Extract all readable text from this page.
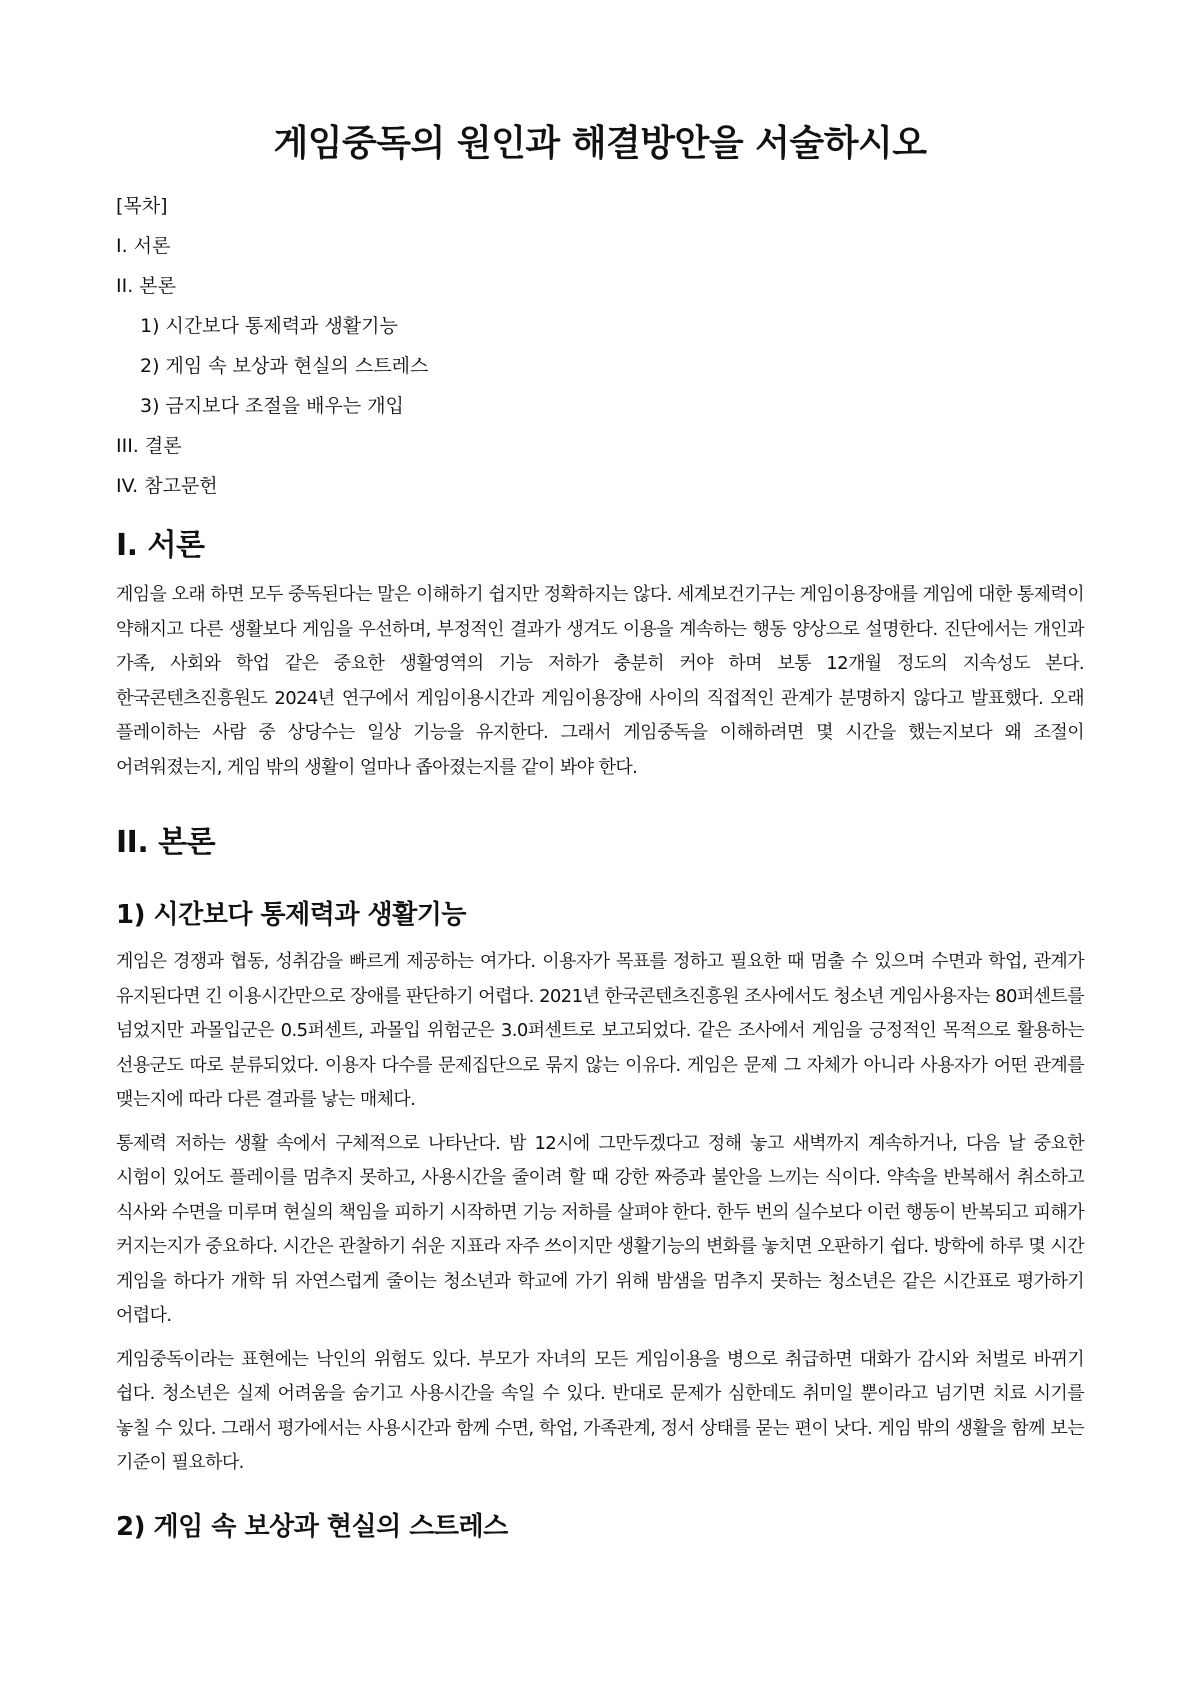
게임중독의 원인과 해결방안을 서술하시오
[목차]
I. 서론
II. 본론
1) 시간보다 통제력과 생활기능
2) 게임 속 보상과 현실의 스트레스
3) 금지보다 조절을 배우는 개입
III. 결론
IV. 참고문헌
I. 서론

게임을 오래 하면 모두 중독된다는 말은 이해하기 쉽지만 정확하지는 않다. 세계보건기구는 게임이용장애를 게임에 대한 통제력이 약해지고 다른 생활보다 게임을 우선하며, 부정적인 결과가 생겨도 이용을 계속하는 행동 양상으로 설명한다. 진단에서는 개인과 가족, 사회와 학업 같은 중요한 생활영역의 기능 저하가 충분히 커야 하며 보통 12개월 정도의 지속성도 본다. 한국콘텐츠진흥원도 2024년 연구에서 게임이용시간과 게임이용장애 사이의 직접적인 관계가 분명하지 않다고 발표했다. 오래 플레이하는 사람 중 상당수는 일상 기능을 유지한다. 그래서 게임중독을 이해하려면 몇 시간을 했는지보다 왜 조절이 어려워졌는지, 게임 밖의 생활이 얼마나 좁아졌는지를 같이 봐야 한다.

II. 본론
1) 시간보다 통제력과 생활기능

게임은 경쟁과 협동, 성취감을 빠르게 제공하는 여가다. 이용자가 목표를 정하고 필요한 때 멈출 수 있으며 수면과 학업, 관계가 유지된다면 긴 이용시간만으로 장애를 판단하기 어렵다. 2021년 한국콘텐츠진흥원 조사에서도 청소년 게임사용자는 80퍼센트를 넘었지만 과몰입군은 0.5퍼센트, 과몰입 위험군은 3.0퍼센트로 보고되었다. 같은 조사에서 게임을 긍정적인 목적으로 활용하는 선용군도 따로 분류되었다. 이용자 다수를 문제집단으로 묶지 않는 이유다. 게임은 문제 그 자체가 아니라 사용자가 어떤 관계를 맺는지에 따라 다른 결과를 낳는 매체다.

통제력 저하는 생활 속에서 구체적으로 나타난다. 밤 12시에 그만두겠다고 정해 놓고 새벽까지 계속하거나, 다음 날 중요한 시험이 있어도 플레이를 멈추지 못하고, 사용시간을 줄이려 할 때 강한 짜증과 불안을 느끼는 식이다. 약속을 반복해서 취소하고 식사와 수면을 미루며 현실의 책임을 피하기 시작하면 기능 저하를 살펴야 한다. 한두 번의 실수보다 이런 행동이 반복되고 피해가 커지는지가 중요하다. 시간은 관찰하기 쉬운 지표라 자주 쓰이지만 생활기능의 변화를 놓치면 오판하기 쉽다. 방학에 하루 몇 시간 게임을 하다가 개학 뒤 자연스럽게 줄이는 청소년과 학교에 가기 위해 밤샘을 멈추지 못하는 청소년은 같은 시간표로 평가하기 어렵다.

게임중독이라는 표현에는 낙인의 위험도 있다. 부모가 자녀의 모든 게임이용을 병으로 취급하면 대화가 감시와 처벌로 바뀌기 쉽다. 청소년은 실제 어려움을 숨기고 사용시간을 속일 수 있다. 반대로 문제가 심한데도 취미일 뿐이라고 넘기면 치료 시기를 놓칠 수 있다. 그래서 평가에서는 사용시간과 함께 수면, 학업, 가족관계, 정서 상태를 묻는 편이 낫다. 게임 밖의 생활을 함께 보는 기준이 필요하다.

2) 게임 속 보상과 현실의 스트레스
